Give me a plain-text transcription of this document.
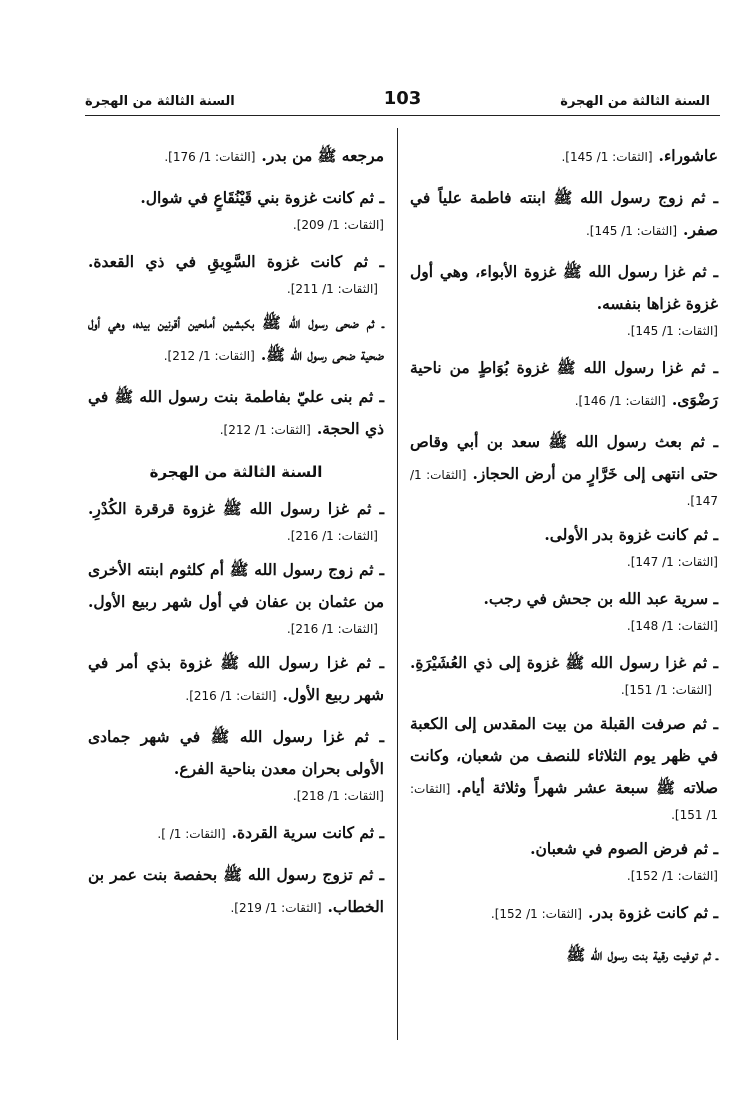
السنة الثالثة من الهجرة
103
السنة الثالثة من الهجرة
عاشوراء.[الثقات: 1/ 145].
ـ ثم زوج رسول الله ﷺ ابنته فاطمة علياً في صفر.[الثقات: 1/ 145].
ـ ثم غزا رسول الله ﷺ غزوة الأبواء، وهي أول غزوة غزاها بنفسه.
[الثقات: 1/ 145].
ـ ثم غزا رسول الله ﷺ غزوة بُوَاطٍ من ناحية رَضْوَى.[الثقات: 1/ 146].
ـ ثم بعث رسول الله ﷺ سعد بن أبي وقاص حتى انتهى إلى خَرَّارٍ من أرض الحجاز.[الثقات: 1/ 147].
ـ ثم كانت غزوة بدر الأولى.
[الثقات: 1/ 147].
ـ سرية عبد الله بن جحش في رجب.
[الثقات: 1/ 148].
ـ ثم غزا رسول الله ﷺ غزوة إلى ذي العُشَيْرَةِ.[الثقات: 1/ 151].
ـ ثم صرفت القبلة من بيت المقدس إلى الكعبة في ظهر يوم الثلاثاء للنصف من شعبان، وكانت صلاته ﷺ سبعة عشر شهراً وثلاثة أيام.[الثقات: 1/ 151].
ـ ثم فرض الصوم في شعبان.
[الثقات: 1/ 152].
ـ ثم كانت غزوة بدر.[الثقات: 1/ 152].
ـ ثم توفيت رقية بنت رسول الله ﷺ
مرجعه ﷺ من بدر.[الثقات: 1/ 176].
ـ ثم كانت غزوة بني قَيْنُقَاعٍ في شوال.
[الثقات: 1/ 209].
ـ ثم كانت غزوة السَّوِيقِ في ذي القعدة.[الثقات: 1/ 211].
ـ ثم ضحى رسول الله ﷺ بكبشين أملحين أقرنين بيده، وهي أول ضحية ضحى رسول الله ﷺ.[الثقات: 1/ 212].
ـ ثم بنى عليّ بفاطمة بنت رسول الله ﷺ في ذي الحجة.[الثقات: 1/ 212].
السنة الثالثة من الهجرة
ـ ثم غزا رسول الله ﷺ غزوة قرقرة الكُدْرِ.[الثقات: 1/ 216].
ـ ثم زوج رسول الله ﷺ أم كلثوم ابنته الأخرى من عثمان بن عفان في أول شهر ربيع الأول.[الثقات: 1/ 216].
ـ ثم غزا رسول الله ﷺ غزوة بذي أمر في شهر ربيع الأول.[الثقات: 1/ 216].
ـ ثم غزا رسول الله ﷺ في شهر جمادى الأولى بحران معدن بناحية الفرع.
[الثقات: 1/ 218].
ـ ثم كانت سرية القردة.[الثقات: 1/ ].
ـ ثم تزوج رسول الله ﷺ بحفصة بنت عمر بن الخطاب.[الثقات: 1/ 219].
